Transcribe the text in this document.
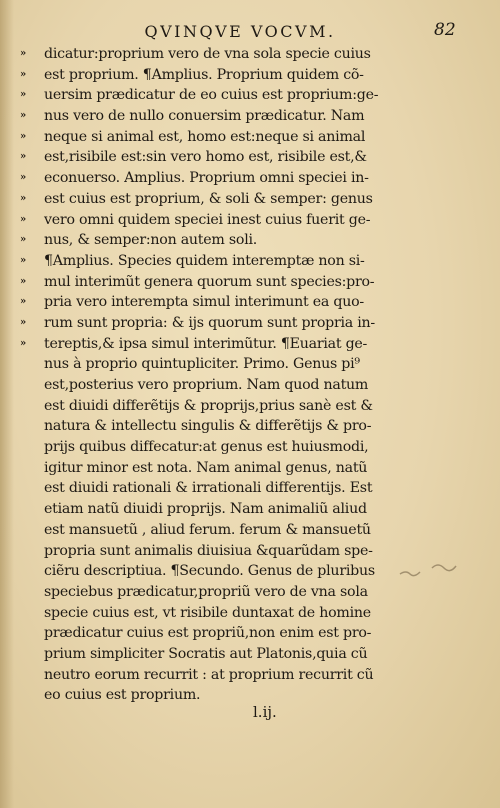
QVINQVE VOCVM.	82
»	dicatur:proprium vero de vna sola specie cuius
»	est proprium. ¶Amplius. Proprium quidem cõ-
»	uersim prædicatur de eo cuius est proprium:ge-
»	nus vero de nullo conuersim prædicatur. Nam
»	neque si animal est, homo est:neque si animal
»	est,risibile est:sin vero homo est, risibile est,&
»	econuerso. Amplius. Proprium omni speciei in-
»	est cuius est proprium, & soli & semper: genus
»	vero omni quidem speciei inest cuius fuerit ge-
»	nus, & semper:non autem soli.
»	¶Amplius. Species quidem interemptæ non si-
»	mul interimũt genera quorum sunt species:pro-
»	pria vero interempta simul interimunt ea quo-
»	rum sunt propria: & ijs quorum sunt propria in-
»	tereptis,& ipsa simul interimũtur. ¶Euariat ge-
nus à proprio quintupliciter. Primo. Genus pi⁹
est,posterius vero proprium. Nam quod natum
est diuidi differẽtijs & proprijs,prius sanè est &
natura & intellectu singulis & differẽtijs & pro-
prijs quibus diffecatur:at genus est huiusmodi,
igitur minor est nota. Nam animal genus, natũ
est diuidi rationali & irrationali differentijs. Est
etiam natũ diuidi proprijs. Nam animaliũ aliud
est mansuetũ , aliud ferum. ferum & mansuetũ
propria sunt animalis diuisiua &quarũdam spe-
ciẽru descriptiua. ¶Secundo. Genus de pluribus
speciebus prædicatur,propriũ vero de vna sola
specie cuius est, vt risibile duntaxat de homine
prædicatur cuius est propriũ,non enim est pro-
prium simpliciter Socratis aut Platonis,quia cũ
neutro eorum recurrit : at proprium recurrit cũ
eo cuius est proprium.
l.ij.
